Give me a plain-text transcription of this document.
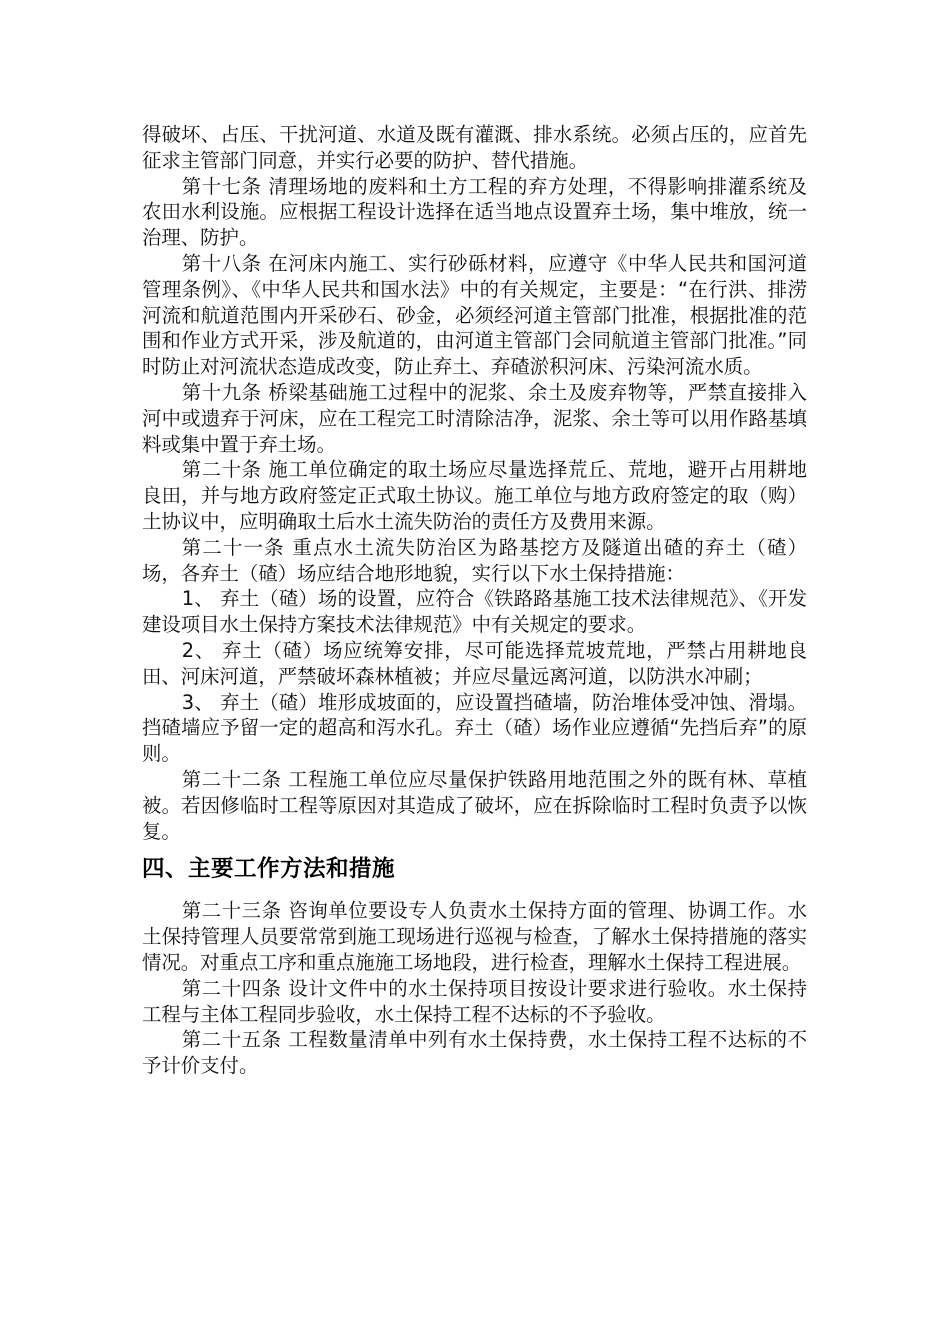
得破坏、占压、干扰河道、水道及既有灌溉、排水系统。必须占压的，应首先征求主管部门同意，并实行必要的防护、替代措施。

第十七条 清理场地的废料和土方工程的弃方处理，不得影响排灌系统及农田水利设施。应根据工程设计选择在适当地点设置弃土场，集中堆放，统一治理、防护。

第十八条 在河床内施工、实行砂砾材料，应遵守《中华人民共和国河道管理条例》、《中华人民共和国水法》中的有关规定，主要是：“在行洪、排涝河流和航道范围内开采砂石、砂金，必须经河道主管部门批准，根据批准的范围和作业方式开采，涉及航道的，由河道主管部门会同航道主管部门批准。”同时防止对河流状态造成改变，防止弃土、弃碴淤积河床、污染河流水质。

第十九条 桥梁基础施工过程中的泥浆、余土及废弃物等，严禁直接排入河中或遗弃于河床，应在工程完工时清除洁净，泥浆、余土等可以用作路基填料或集中置于弃土场。

第二十条 施工单位确定的取土场应尽量选择荒丘、荒地，避开占用耕地良田，并与地方政府签定正式取土协议。施工单位与地方政府签定的取（购）土协议中，应明确取土后水土流失防治的责任方及费用来源。

第二十一条 重点水土流失防治区为路基挖方及隧道出碴的弃土（碴）场，各弃土（碴）场应结合地形地貌，实行以下水土保持措施：

1、 弃土（碴）场的设置，应符合《铁路路基施工技术法律规范》、《开发建设项目水土保持方案技术法律规范》中有关规定的要求。

2、 弃土（碴）场应统筹安排，尽可能选择荒坡荒地，严禁占用耕地良田、河床河道，严禁破坏森林植被；并应尽量远离河道，以防洪水冲刷；

3、 弃土（碴）堆形成坡面的，应设置挡碴墙，防治堆体受冲蚀、滑塌。挡碴墙应予留一定的超高和泻水孔。弃土（碴）场作业应遵循“先挡后弃”的原则。

第二十二条 工程施工单位应尽量保护铁路用地范围之外的既有林、草植被。若因修临时工程等原因对其造成了破坏，应在拆除临时工程时负责予以恢复。

四、主要工作方法和措施

第二十三条 咨询单位要设专人负责水土保持方面的管理、协调工作。水土保持管理人员要常常到施工现场进行巡视与检查，了解水土保持措施的落实情况。对重点工序和重点施施工场地段，进行检查，理解水土保持工程进展。

第二十四条 设计文件中的水土保持项目按设计要求进行验收。水土保持工程与主体工程同步验收，水土保持工程不达标的不予验收。

第二十五条 工程数量清单中列有水土保持费，水土保持工程不达标的不予计价支付。
